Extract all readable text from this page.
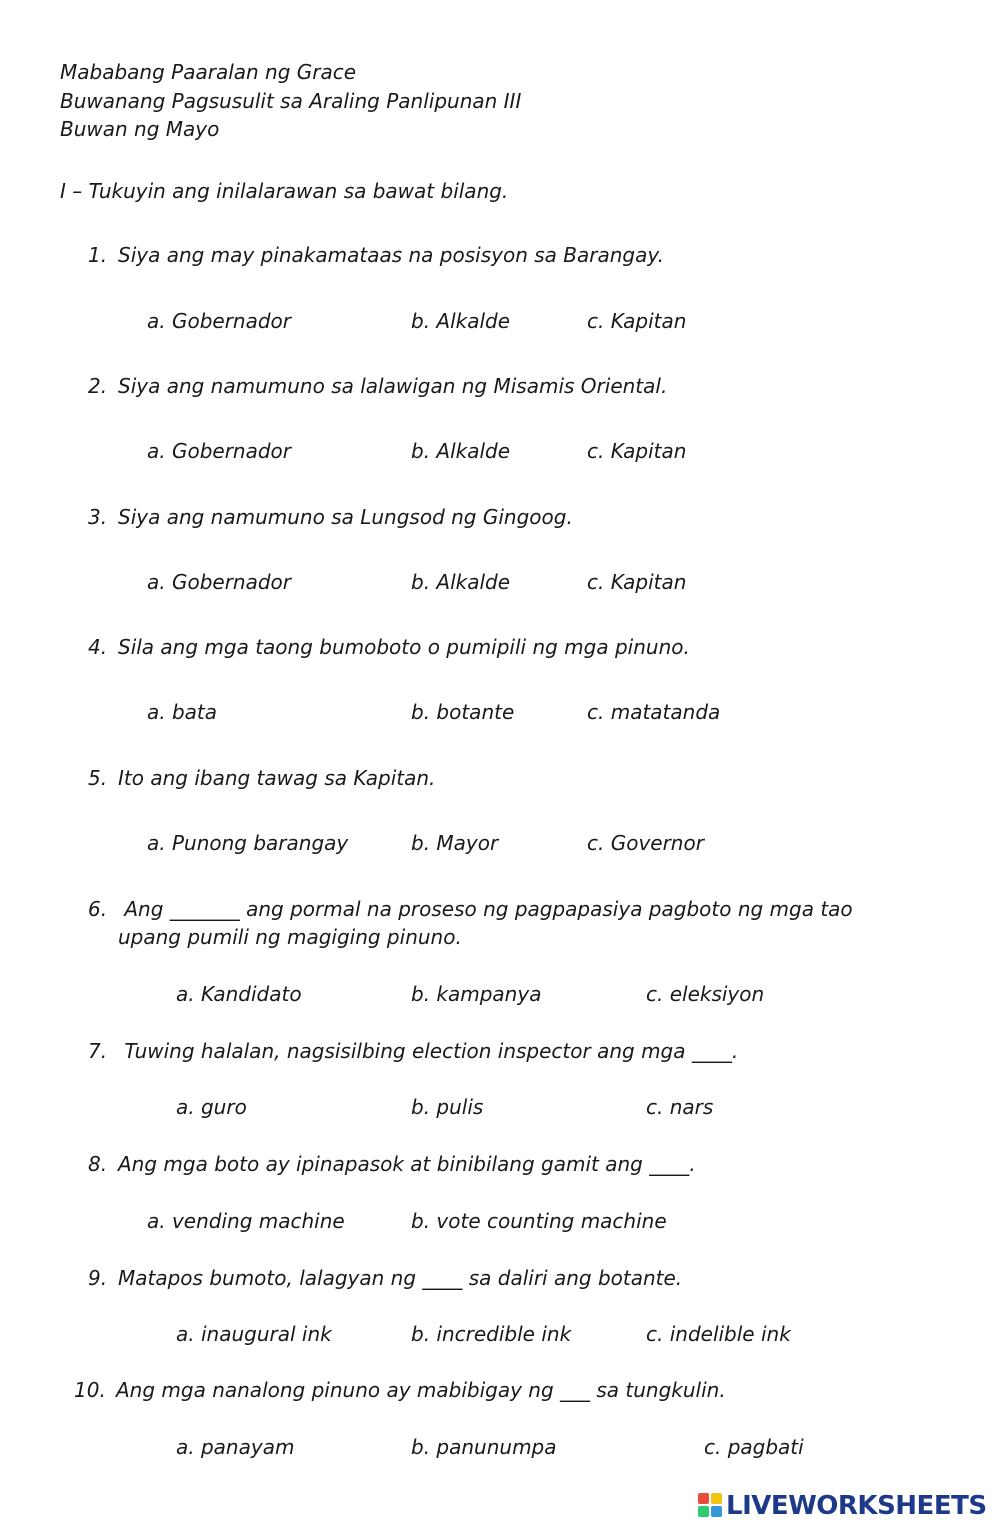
Mababang Paaralan ng Grace
Buwanang Pagsusulit sa Araling Panlipunan III
Buwan ng Mayo
I – Tukuyin ang inilalarawan sa bawat bilang.
1. Siya ang may pinakamataas na posisyon sa Barangay.
a. Gobernador	b. Alkalde	c. Kapitan
2. Siya ang namumuno sa lalawigan ng Misamis Oriental.
a. Gobernador	b. Alkalde	c. Kapitan
3. Siya ang namumuno sa Lungsod ng Gingoog.
a. Gobernador	b. Alkalde	c. Kapitan
4. Sila ang mga taong bumoboto o pumipili ng mga pinuno.
a. bata	b. botante	c. matatanda
5. Ito ang ibang tawag sa Kapitan.
a. Punong barangay	b. Mayor	c. Governor
6. Ang _______ ang pormal na proseso ng pagpapasiya pagboto ng mga tao
upang pumili ng magiging pinuno.
a. Kandidato	b. kampanya	c. eleksiyon
7. Tuwing halalan, nagsisilbing election inspector ang mga ____.
a. guro	b. pulis	c. nars
8. Ang mga boto ay ipinapasok at binibilang gamit ang ____.
a. vending machine	b. vote counting machine
9. Matapos bumoto, lalagyan ng ____ sa daliri ang botante.
a. inaugural ink	b. incredible ink	c. indelible ink
10. Ang mga nanalong pinuno ay mabibigay ng ___ sa tungkulin.
a. panayam	b. panunumpa	c. pagbati
LIVEWORKSHEETS
